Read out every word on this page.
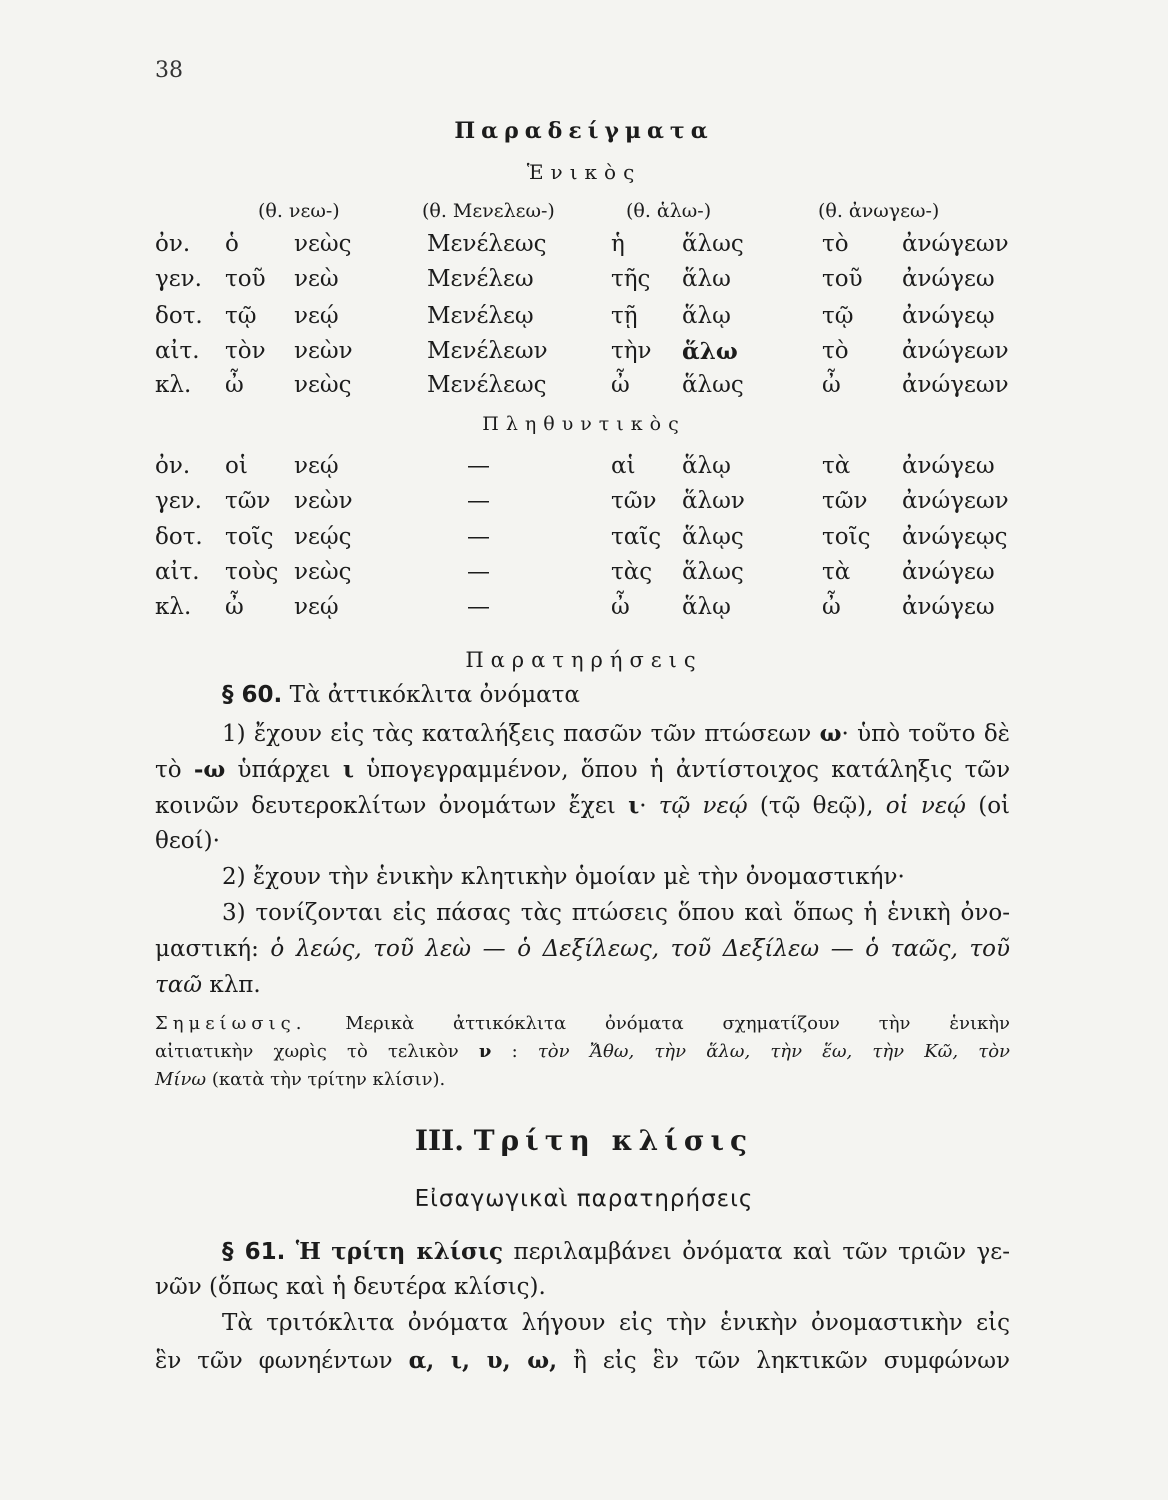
38
Παραδείγματα
Ἑνικὸς
(θ. νεω-)	(θ. Μενελεω-)	(θ. ἁλω-)	(θ. ἀνωγεω-)
ὀν. ὁ νεὼς	Μενέλεως	ἡ ἅλως	τὸ ἀνώγεων
γεν. τοῦ νεὼ	Μενέλεω	τῆς ἅλω	τοῦ ἀνώγεω
δοτ. τῷ νεῴ	Μενέλεῳ	τῇ ἅλῳ	τῷ ἀνώγεῳ
αἰτ. τὸν νεὼν	Μενέλεων	τὴν ἅλω	τὸ ἀνώγεων
κλ. ὦ νεὼς	Μενέλεως	ὦ ἅλως	ὦ	ἀνώγεων
Πληθυντικὸς
ὀν. οἱ νεῴ	—	αἱ ἅλῳ	τὰ ἀνώγεω
γεν. τῶν νεὼν	—	τῶν ἅλων	τῶν ἀνώγεων
δοτ. τοῖς νεῴς	—	ταῖς ἅλῳς	τοῖς ἀνώγεῳς
αἰτ. τοὺς νεὼς	—	τὰς ἅλως	τὰ ἀνώγεω
κλ. ὦ νεῴ	—	ὦ ἅλῳ	ὦ	ἀνώγεω
Παρατηρήσεις
§ 60. Τὰ ἀττικόκλιτα ὀνόματα
1) ἔχουν εἰς τὰς καταλήξεις πασῶν τῶν πτώσεων ω· ὑπὸ τοῦτο δὲ
τὸ -ω ὑπάρχει ι ὑπογεγραμμένον, ὅπου ἡ ἀντίστοιχος κατάληξις τῶν
κοινῶν δευτεροκλίτων ὀνομάτων ἔχει ι· τῷ νεῴ (τῷ θεῷ), οἱ νεῴ (οἱ
θεοί)·
2) ἔχουν τὴν ἑνικὴν κλητικὴν ὁμοίαν μὲ τὴν ὀνομαστικήν·
3) τονίζονται εἰς πάσας τὰς πτώσεις ὅπου καὶ ὅπως ἡ ἑνικὴ ὀνο-
μαστική: ὁ λεώς, τοῦ λεὼ — ὁ Δεξίλεως, τοῦ Δεξίλεω — ὁ ταῶς, τοῦ
ταῶ κλπ.
Σημείωσις. Μερικὰ ἀττικόκλιτα ὀνόματα σχηματίζουν τὴν ἑνικὴν
αἰτιατικὴν χωρὶς τὸ τελικὸν ν : τὸν Ἄθω, τὴν ἅλω, τὴν ἕω, τὴν Κῶ, τὸν
Μίνω (κατὰ τὴν τρίτην κλίσιν).
III. Τρίτη κλίσις
Εἰσαγωγικαὶ παρατηρήσεις
§ 61. Ἡ τρίτη κλίσις περιλαμβάνει ὀνόματα καὶ τῶν τριῶν γε-
νῶν (ὅπως καὶ ἡ δευτέρα κλίσις).
Τὰ τριτόκλιτα ὀνόματα λήγουν εἰς τὴν ἑνικὴν ὀνομαστικὴν εἰς
ἓν τῶν φωνηέντων α, ι, υ, ω, ἢ εἰς ἓν τῶν ληκτικῶν συμφώνων
